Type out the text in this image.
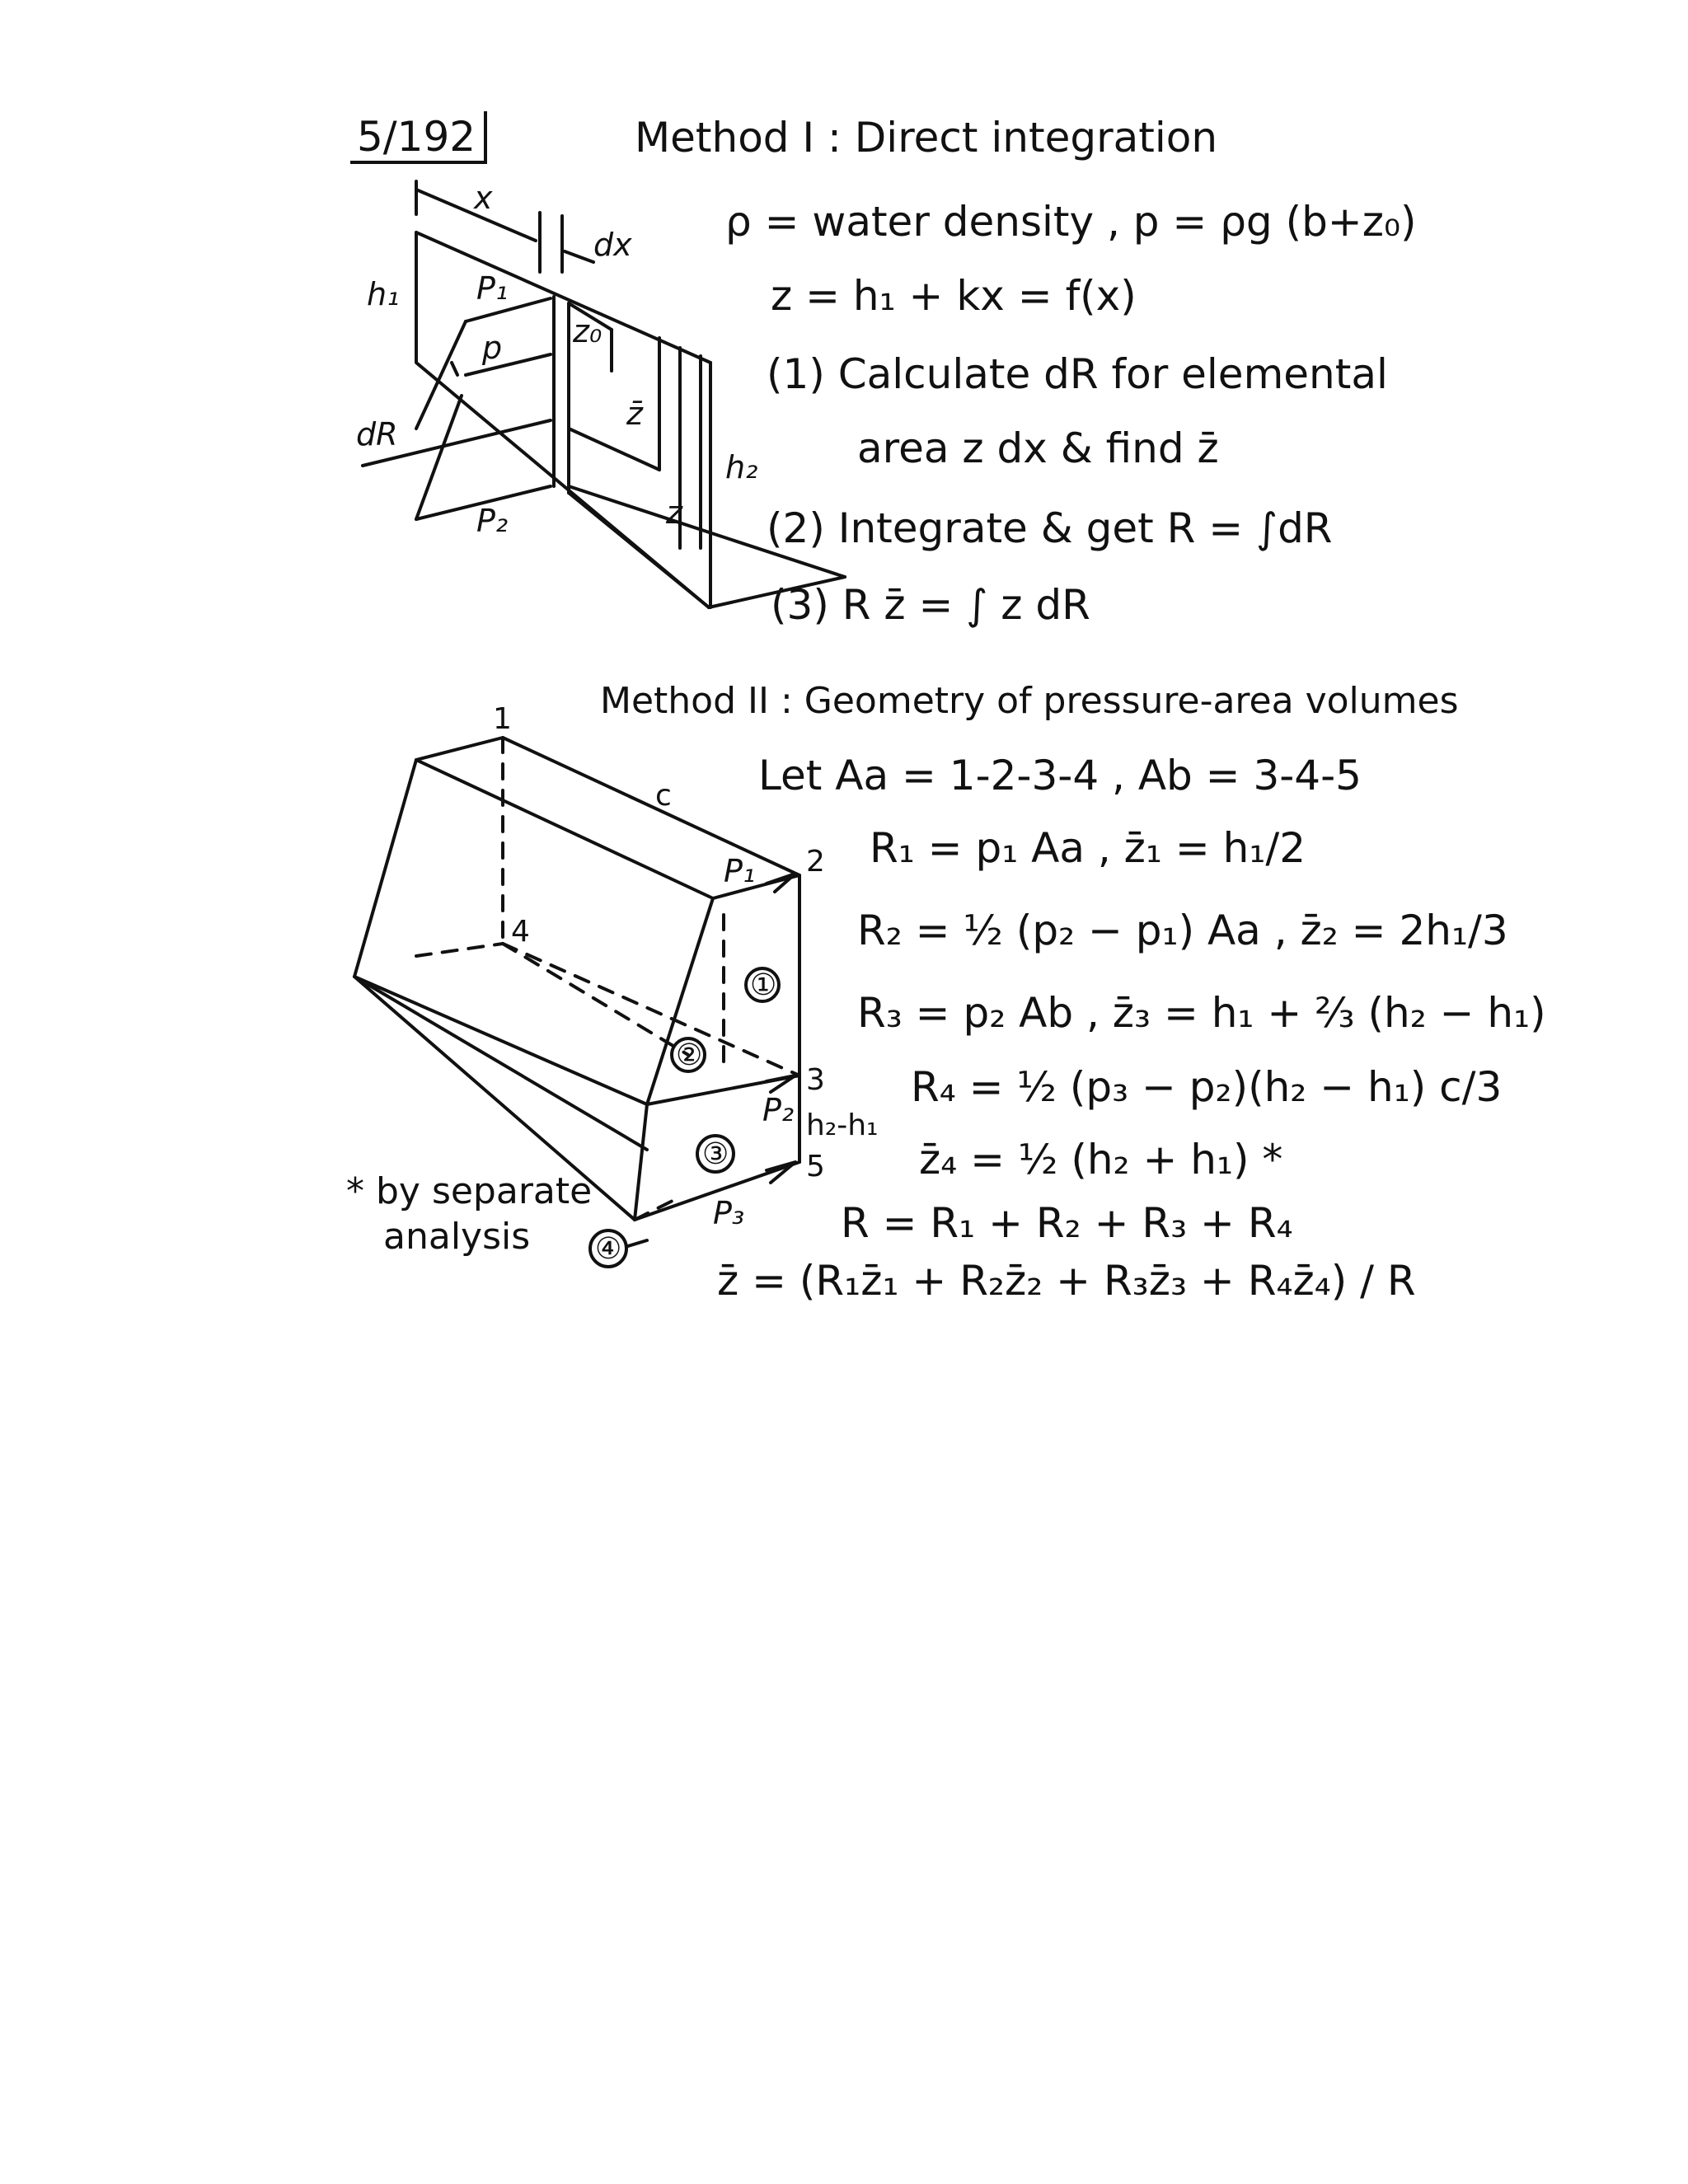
5/192	Method I : Direct integration
ρ = water density , p = ρg (b+z₀)
z = h₁ + kx = f(x)
(1) Calculate dR for elemental
area z dx & find z̄
(2) Integrate & get R = ∫dR
(3) R z̄ = ∫ z dR
Method II : Geometry of pressure-area volumes
Let Aa = 1-2-3-4 , Ab = 3-4-5
R₁ = p₁ Aa , z̄₁ = h₁/2
R₂ = ½ (p₂ − p₁) Aa , z̄₂ = 2h₁/3
R₃ = p₂ Ab , z̄₃ = h₁ + ⅔ (h₂ − h₁)
R₄ = ½ (p₃ − p₂)(h₂ − h₁) c/3
z̄₄ = ½ (h₂ + h₁) *
R = R₁ + R₂ + R₃ + R₄
z̄ = (R₁z̄₁ + R₂z̄₂ + R₃z̄₃ + R₄z̄₄) / R
* by separate
analysis
x
dx
h₁ P₁
p z₀
z̄
dR
h₂
z
P₂
1
c
2
P₁
4
①
②
3
P₂ h₂-h₁
③	5
P₃
④
